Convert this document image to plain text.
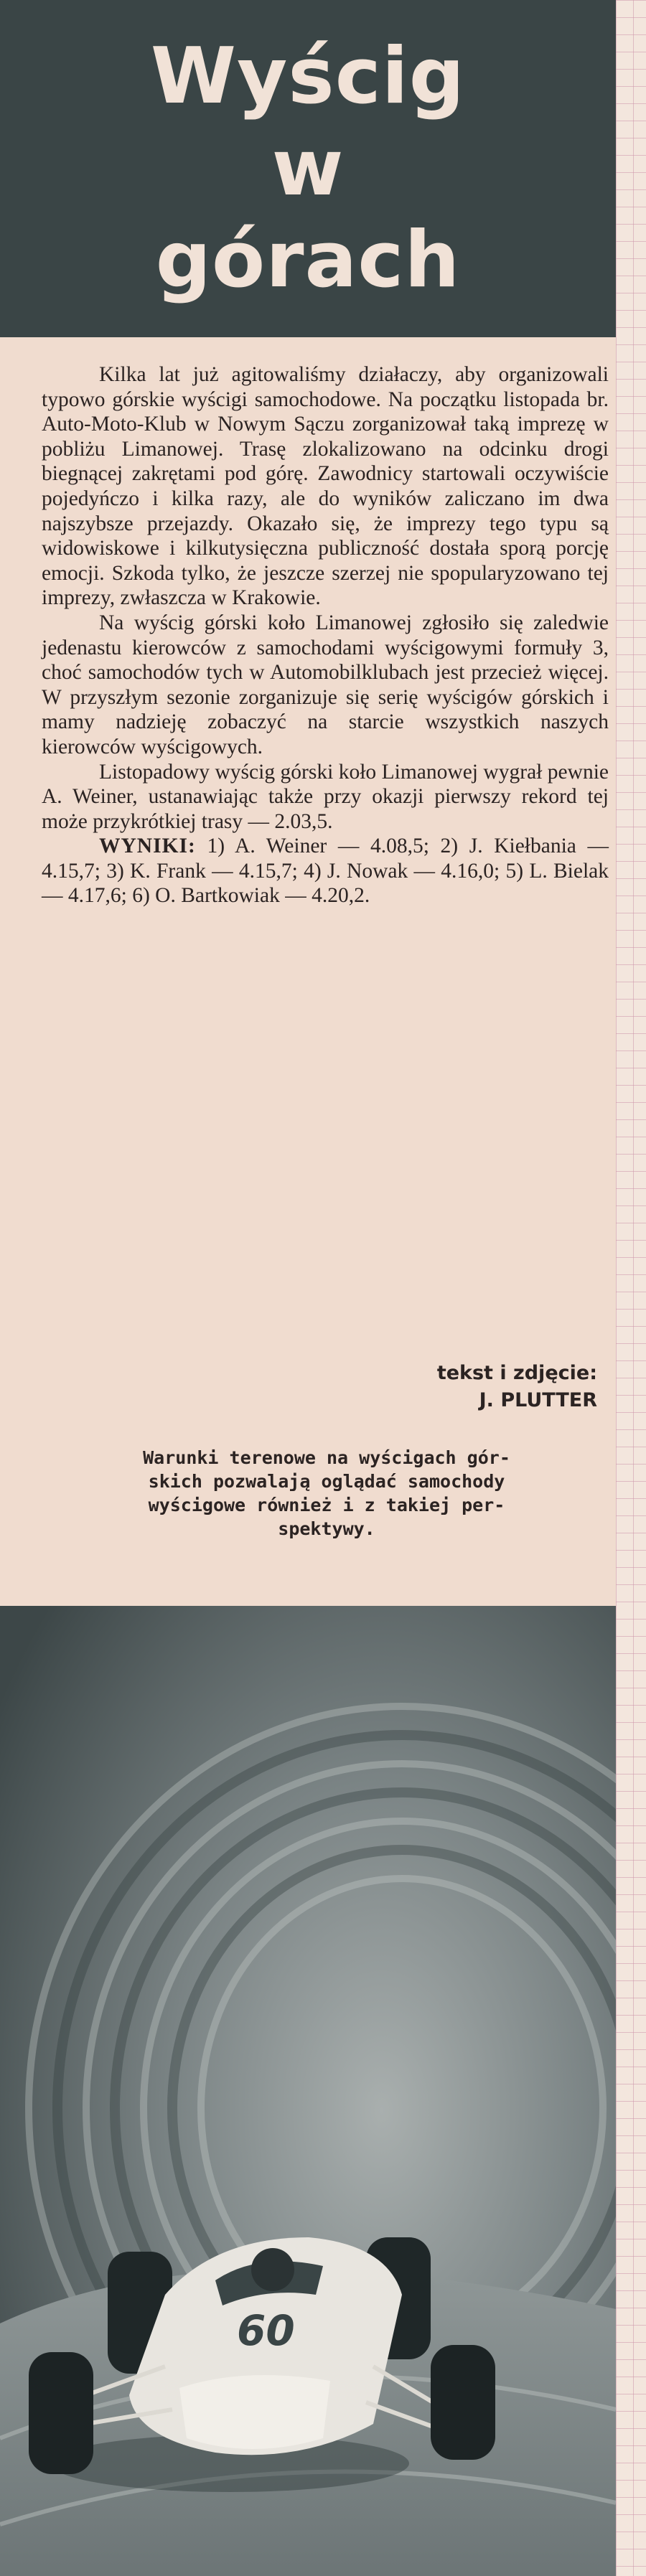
Wyścig
w
górach

Kilka lat już agitowaliśmy działaczy, aby organizowali typowo górskie wyścigi samochodowe. Na początku listopada br. Auto-Moto-Klub w Nowym Sączu zorganizował taką imprezę w pobliżu Limanowej. Trasę zlokalizowano na odcinku drogi biegnącej zakrętami pod górę. Zawodnicy startowali oczywiście pojedyńczo i kilka razy, ale do wyników zaliczano im dwa najszybsze przejazdy. Okazało się, że imprezy tego typu są widowiskowe i kilkutysięczna publiczność dostała sporą porcję emocji. Szkoda tylko, że jeszcze szerzej nie spopularyzowano tej imprezy, zwłaszcza w Krakowie.

Na wyścig górski koło Limanowej zgłosiło się zaledwie jedenastu kierowców z samochodami wyścigowymi formuły 3, choć samochodów tych w Automobilklubach jest przecież więcej. W przyszłym sezonie zorganizuje się serię wyścigów górskich i mamy nadzieję zobaczyć na starcie wszystkich naszych kierowców wyścigowych.

Listopadowy wyścig górski koło Limanowej wygrał pewnie A. Weiner, ustanawiając także przy okazji pierwszy rekord tej może przykrótkiej trasy — 2.03,5.

WYNIKI: 1) A. Weiner — 4.08,5; 2) J. Kiełbania — 4.15,7; 3) K. Frank — 4.15,7; 4) J. Nowak — 4.16,0; 5) L. Bielak — 4.17,6; 6) O. Bartkowiak — 4.20,2.

tekst i zdjęcie:
J. PLUTTER
Warunki terenowe na wyścigach gór-
skich pozwalają oglądać samochody
wyścigowe również i z takiej per-
spektywy.
60
